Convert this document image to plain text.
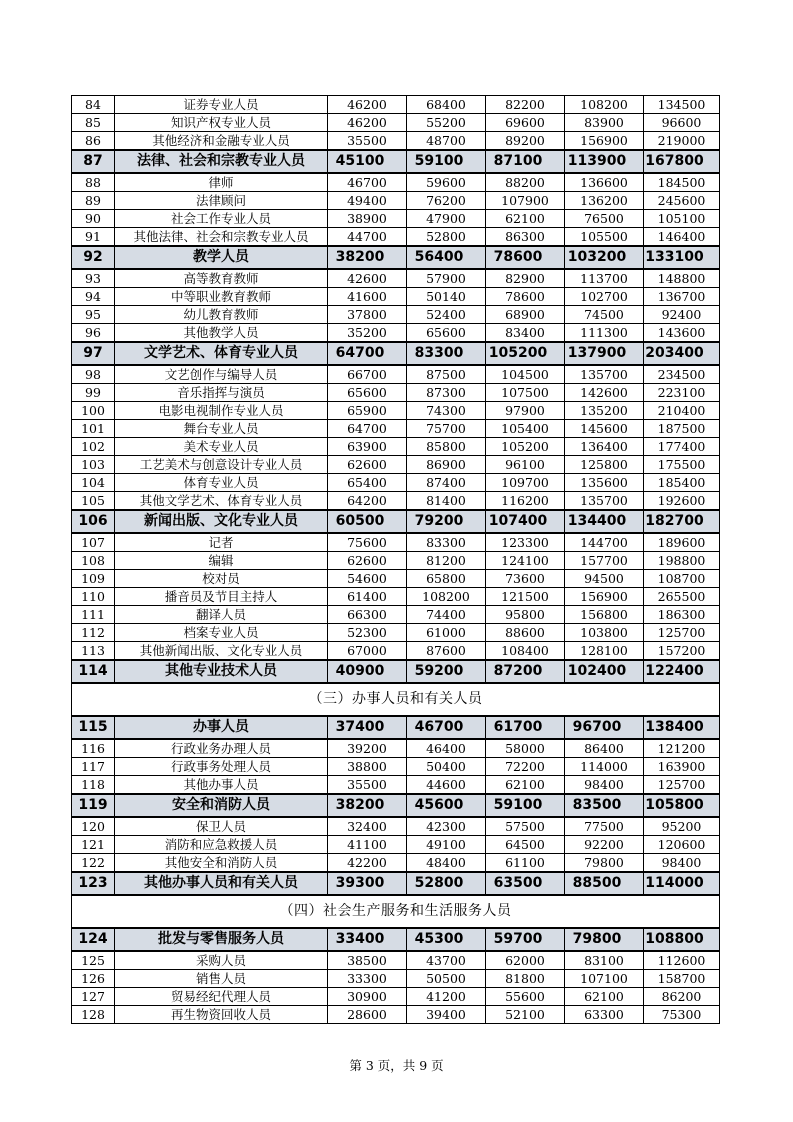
84	证券专业人员	46200	68400	82200	108200	134500
85	知识产权专业人员	46200	55200	69600	83900	96600
86	其他经济和金融专业人员	35500	48700	89200	156900	219000
87	法律、社会和宗教专业人员	45100	59100	87100	113900	167800
88	律师	46700	59600	88200	136600	184500
89	法律顾问	49400	76200	107900	136200	245600
90	社会工作专业人员	38900	47900	62100	76500	105100
91	其他法律、社会和宗教专业人员	44700	52800	86300	105500	146400
92	教学人员	38200	56400	78600	103200	133100
93	高等教育教师	42600	57900	82900	113700	148800
94	中等职业教育教师	41600	50140	78600	102700	136700
95	幼儿教育教师	37800	52400	68900	74500	92400
96	其他教学人员	35200	65600	83400	111300	143600
97	文学艺术、体育专业人员	64700	83300	105200	137900	203400
98	文艺创作与编导人员	66700	87500	104500	135700	234500
99	音乐指挥与演员	65600	87300	107500	142600	223100
100	电影电视制作专业人员	65900	74300	97900	135200	210400
101	舞台专业人员	64700	75700	105400	145600	187500
102	美术专业人员	63900	85800	105200	136400	177400
103	工艺美术与创意设计专业人员	62600	86900	96100	125800	175500
104	体育专业人员	65400	87400	109700	135600	185400
105	其他文学艺术、体育专业人员	64200	81400	116200	135700	192600
106	新闻出版、文化专业人员	60500	79200	107400	134400	182700
107	记者	75600	83300	123300	144700	189600
108	编辑	62600	81200	124100	157700	198800
109	校对员	54600	65800	73600	94500	108700
110	播音员及节目主持人	61400	108200	121500	156900	265500
111	翻译人员	66300	74400	95800	156800	186300
112	档案专业人员	52300	61000	88600	103800	125700
113	其他新闻出版、文化专业人员	67000	87600	108400	128100	157200
114	其他专业技术人员	40900	59200	87200	102400	122400
（三）办事人员和有关人员						
115	办事人员	37400	46700	61700	96700	138400
116	行政业务办理人员	39200	46400	58000	86400	121200
117	行政事务处理人员	38800	50400	72200	114000	163900
118	其他办事人员	35500	44600	62100	98400	125700
119	安全和消防人员	38200	45600	59100	83500	105800
120	保卫人员	32400	42300	57500	77500	95200
121	消防和应急救援人员	41100	49100	64500	92200	120600
122	其他安全和消防人员	42200	48400	61100	79800	98400
123	其他办事人员和有关人员	39300	52800	63500	88500	114000
（四）社会生产服务和生活服务人员						
124	批发与零售服务人员	33400	45300	59700	79800	108800
125	采购人员	38500	43700	62000	83100	112600
126	销售人员	33300	50500	81800	107100	158700
127	贸易经纪代理人员	30900	41200	55600	62100	86200
128	再生物资回收人员	28600	39400	52100	63300	75300
第 3 页，共 9 页
